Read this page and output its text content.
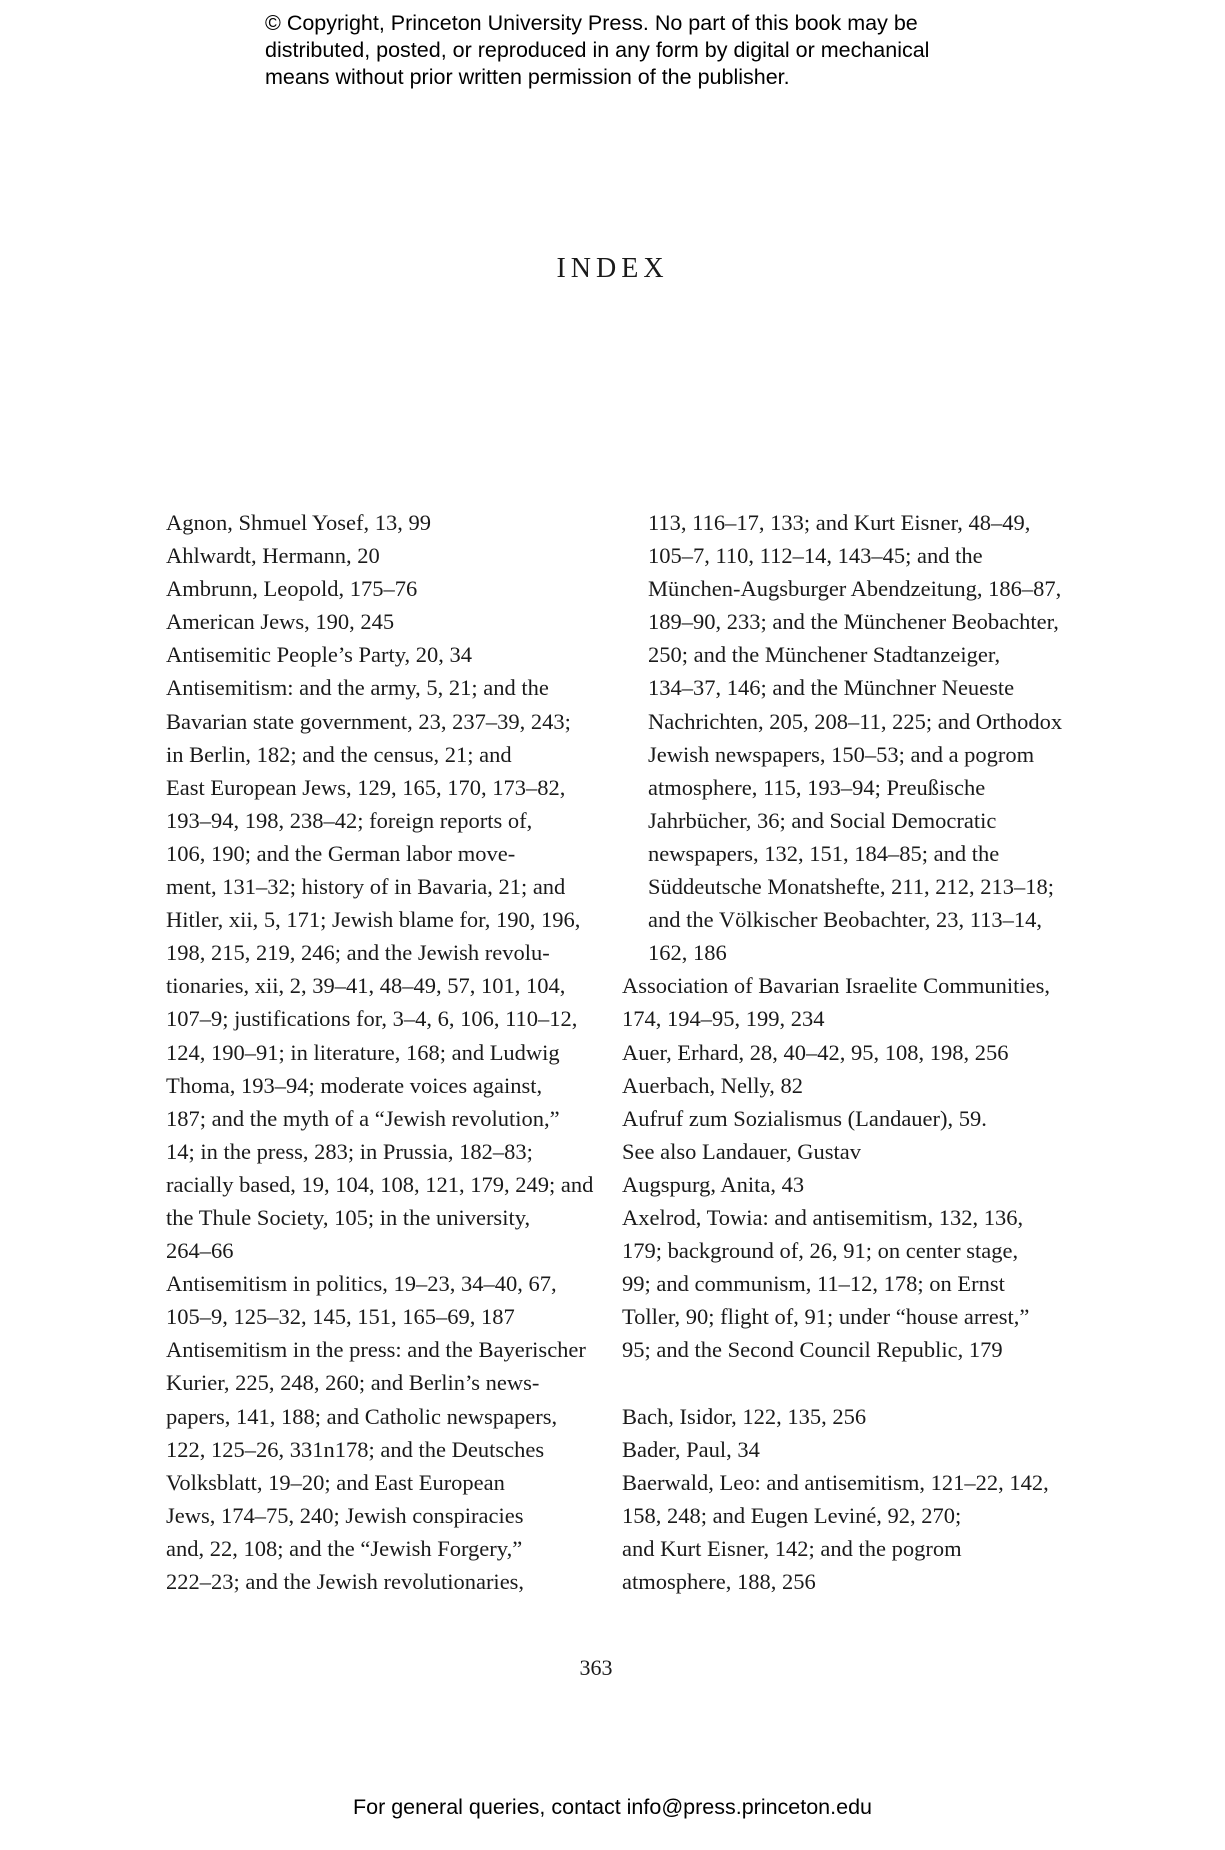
© Copyright, Princeton University Press. No part of this book may be
distributed, posted, or reproduced in any form by digital or mechanical
means without prior written permission of the publisher.
INDEX
Agnon, Shmuel Yosef, 13, 99
Ahlwardt, Hermann, 20
Ambrunn, Leopold, 175–76
American Jews, 190, 245
Antisemitic People’s Party, 20, 34
Antisemitism: and the army, 5, 21; and the
Bavarian state government, 23, 237–39, 243;
in Berlin, 182; and the census, 21; and
East European Jews, 129, 165, 170, 173–82,
193–94, 198, 238–42; foreign reports of,
106, 190; and the German labor move-
ment, 131–32; history of in Bavaria, 21; and
Hitler, xii, 5, 171; Jewish blame for, 190, 196,
198, 215, 219, 246; and the Jewish revolu-
tionaries, xii, 2, 39–41, 48–49, 57, 101, 104,
107–9; justifications for, 3–4, 6, 106, 110–12,
124, 190–91; in literature, 168; and Ludwig
Thoma, 193–94; moderate voices against,
187; and the myth of a “Jewish revolution,”
14; in the press, 283; in Prussia, 182–83;
racially based, 19, 104, 108, 121, 179, 249; and
the Thule Society, 105; in the university,
264–66
Antisemitism in politics, 19–23, 34–40, 67,
105–9, 125–32, 145, 151, 165–69, 187
Antisemitism in the press: and the Bayerischer
Kurier, 225, 248, 260; and Berlin’s news-
papers, 141, 188; and Catholic newspapers,
122, 125–26, 331n178; and the Deutsches
Volksblatt, 19–20; and East European
Jews, 174–75, 240; Jewish conspiracies
and, 22, 108; and the “Jewish Forgery,”
222–23; and the Jewish revolutionaries,
113, 116–17, 133; and Kurt Eisner, 48–49,
105–7, 110, 112–14, 143–45; and the
München-Augsburger Abendzeitung, 186–87,
189–90, 233; and the Münchener Beobachter,
250; and the Münchener Stadtanzeiger,
134–37, 146; and the Münchner Neueste
Nachrichten, 205, 208–11, 225; and Orthodox
Jewish newspapers, 150–53; and a pogrom
atmosphere, 115, 193–94; Preußische
Jahrbücher, 36; and Social Democratic
newspapers, 132, 151, 184–85; and the
Süddeutsche Monatshefte, 211, 212, 213–18;
and the Völkischer Beobachter, 23, 113–14,
162, 186
Association of Bavarian Israelite Communities,
174, 194–95, 199, 234
Auer, Erhard, 28, 40–42, 95, 108, 198, 256
Auerbach, Nelly, 82
Aufruf zum Sozialismus (Landauer), 59.
See also Landauer, Gustav
Augspurg, Anita, 43
Axelrod, Towia: and antisemitism, 132, 136,
179; background of, 26, 91; on center stage,
99; and communism, 11–12, 178; on Ernst
Toller, 90; flight of, 91; under “house arrest,”
95; and the Second Council Republic, 179
Bach, Isidor, 122, 135, 256
Bader, Paul, 34
Baerwald, Leo: and antisemitism, 121–22, 142,
158, 248; and Eugen Leviné, 92, 270;
and Kurt Eisner, 142; and the pogrom
atmosphere, 188, 256
363
For general queries, contact info@press.princeton.edu
